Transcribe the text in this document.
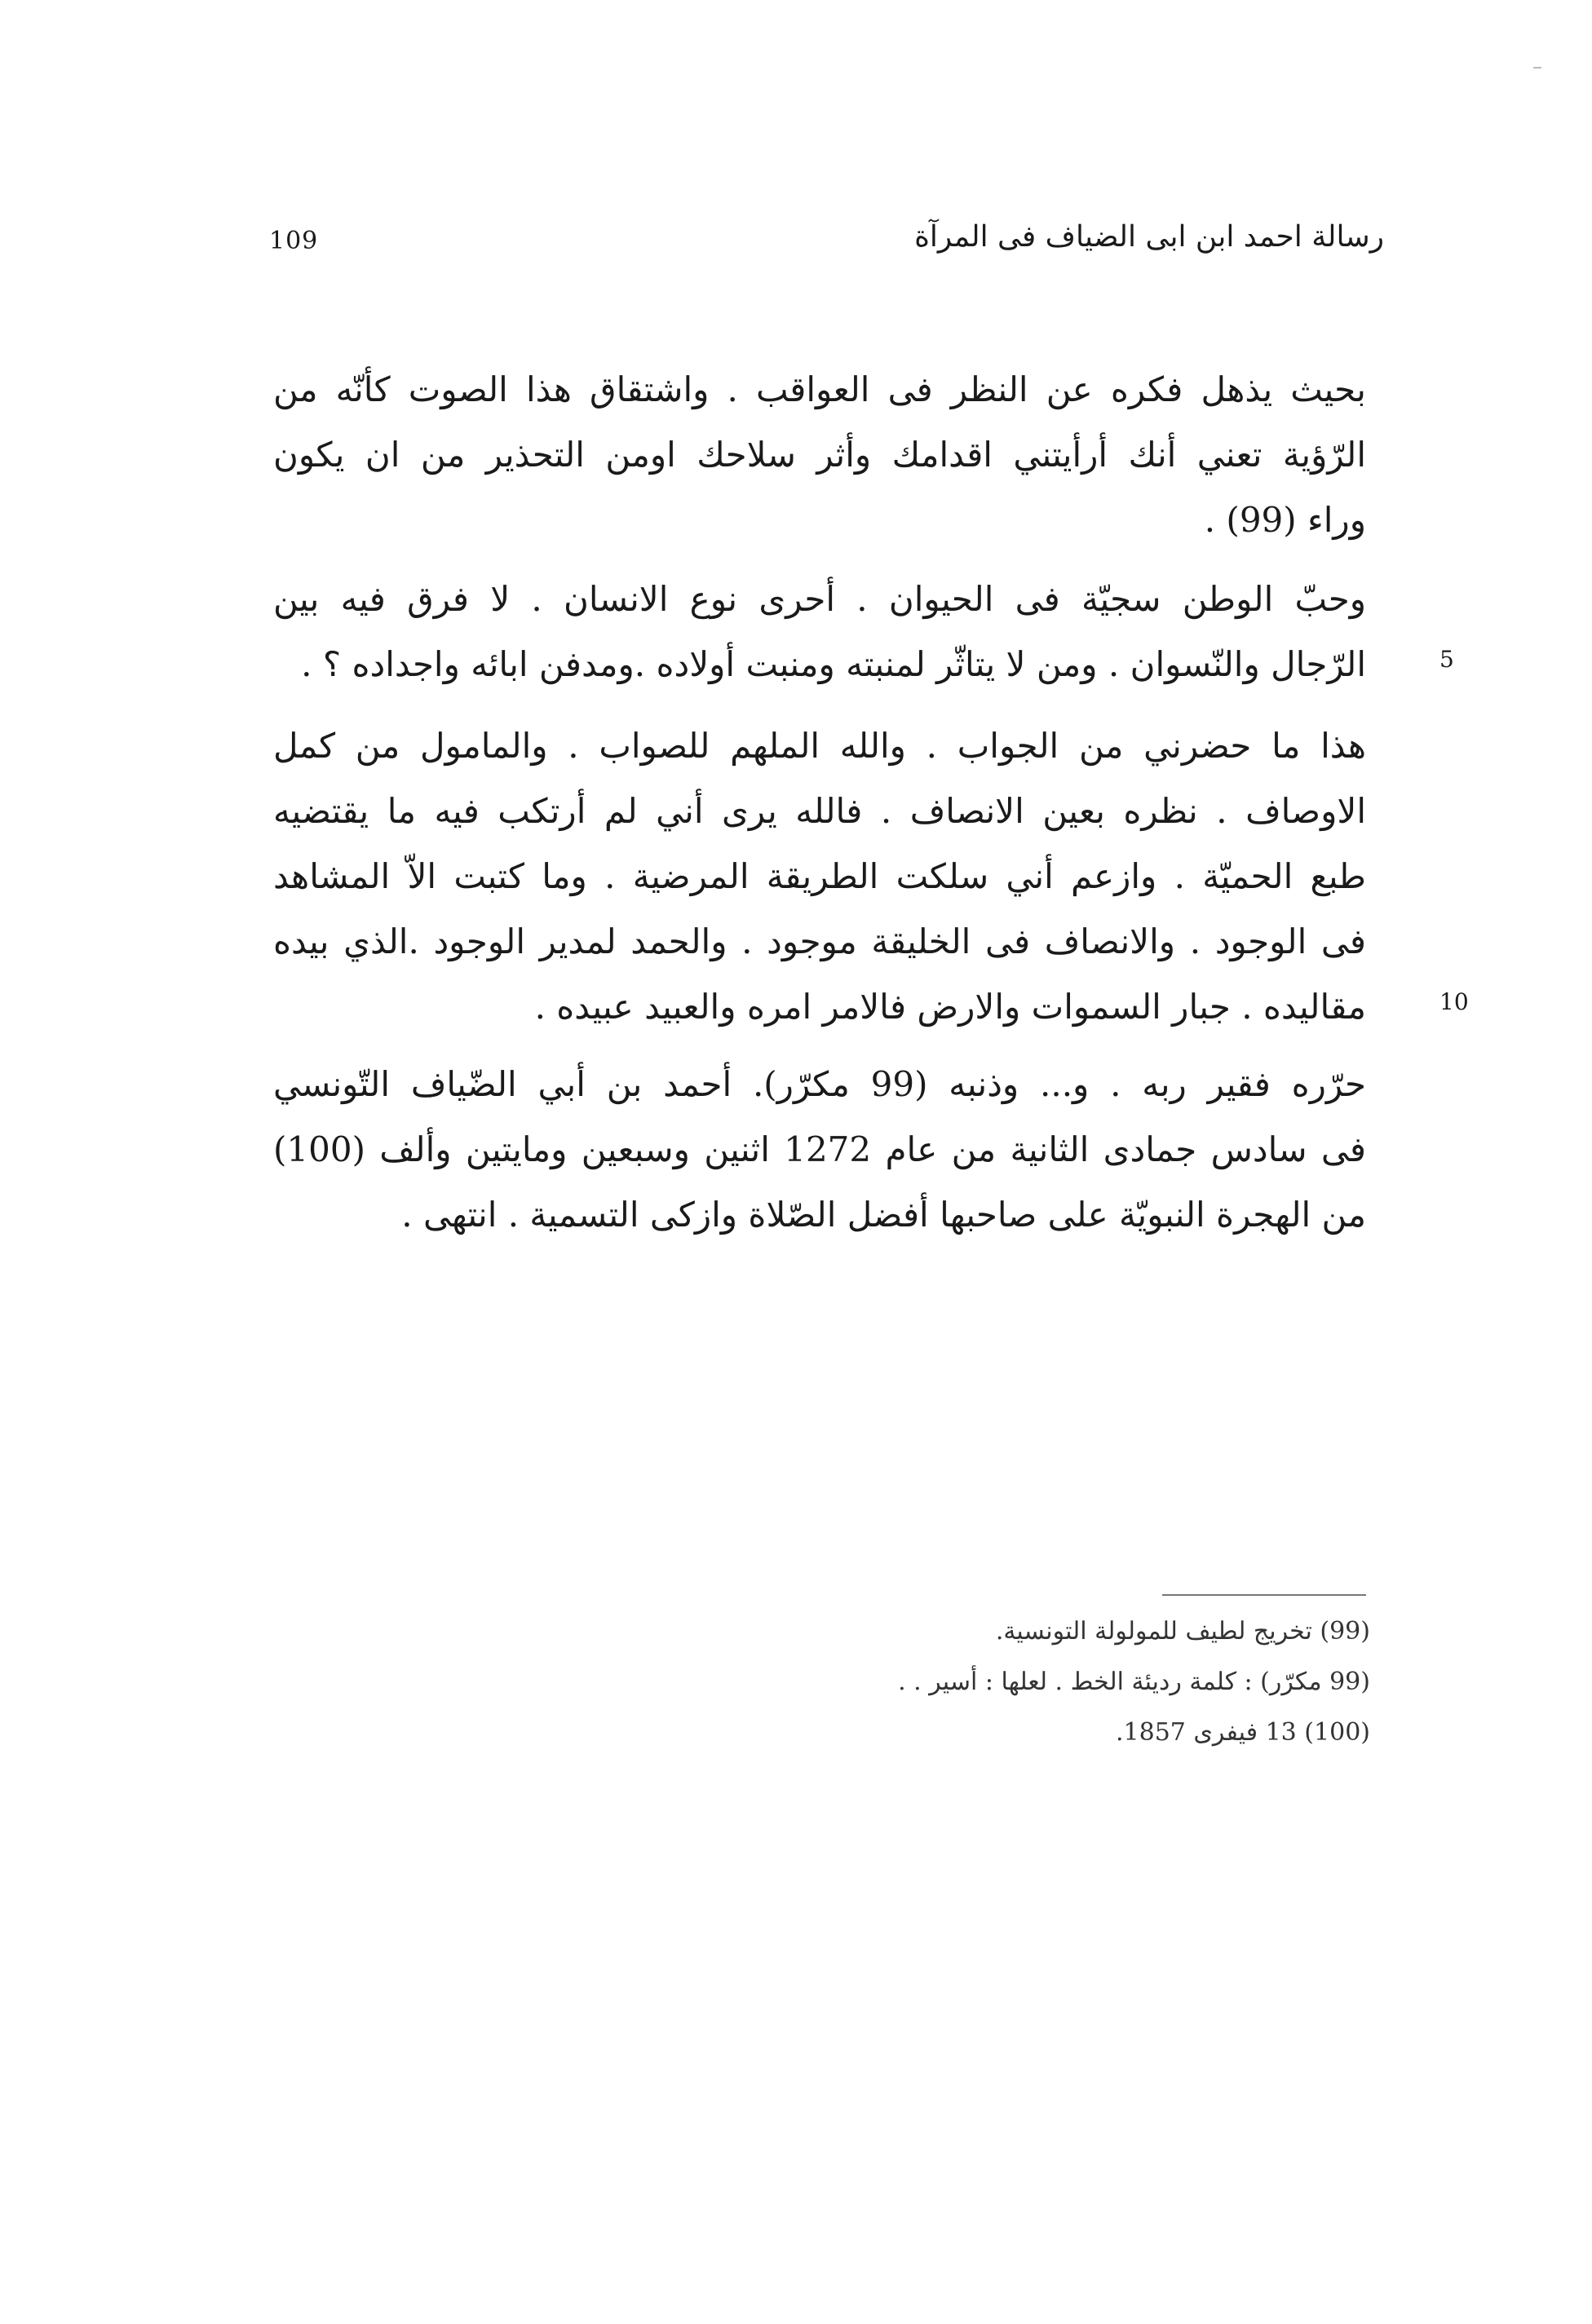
109	رسالة احمد ابن ابى الضياف فى المرآة
بحيث يذهل فكره عن النظر فى العواقب . واشتقاق هذا الصوت كأنّه من
الرّؤية تعني أنك أرأيتني اقدامك وأثر سلاحك اومن التحذير من ان يكون
وراء (99) .
وحبّ الوطن سجيّة فى الحيوان . أحرى نوع الانسان . لا فرق فيه بين
الرّجال والنّسوان . ومن لا يتاثّر لمنبته ومنبت أولاده .ومدفن ابائه واجداده ؟ .
هذا ما حضرني من الجواب . والله الملهم للصواب . والمامول من كمل
الاوصاف . نظره بعين الانصاف . فالله يرى أني لم أرتكب فيه ما يقتضيه
طبع الحميّة . وازعم أني سلكت الطريقة المرضية . وما كتبت الاّ المشاهد
فى الوجود . والانصاف فى الخليقة موجود . والحمد لمدير الوجود .الذي بيده
مقاليده . جبار السموات والارض فالامر امره والعبيد عبيده .
حرّره فقير ربه . و... وذنبه (99 مكرّر). أحمد بن أبي الضّياف التّونسي
فى سادس جمادى الثانية من عام 1272 اثنين وسبعين ومايتين وألف (100)
من الهجرة النبويّة على صاحبها أفضل الصّلاة وازكى التسمية . انتهى .
5
10
(99) تخريج لطيف للمولولة التونسية.
(99 مكرّر) : كلمة رديئة الخط . لعلها : أسير . .
(100) 13 فيفرى 1857.
